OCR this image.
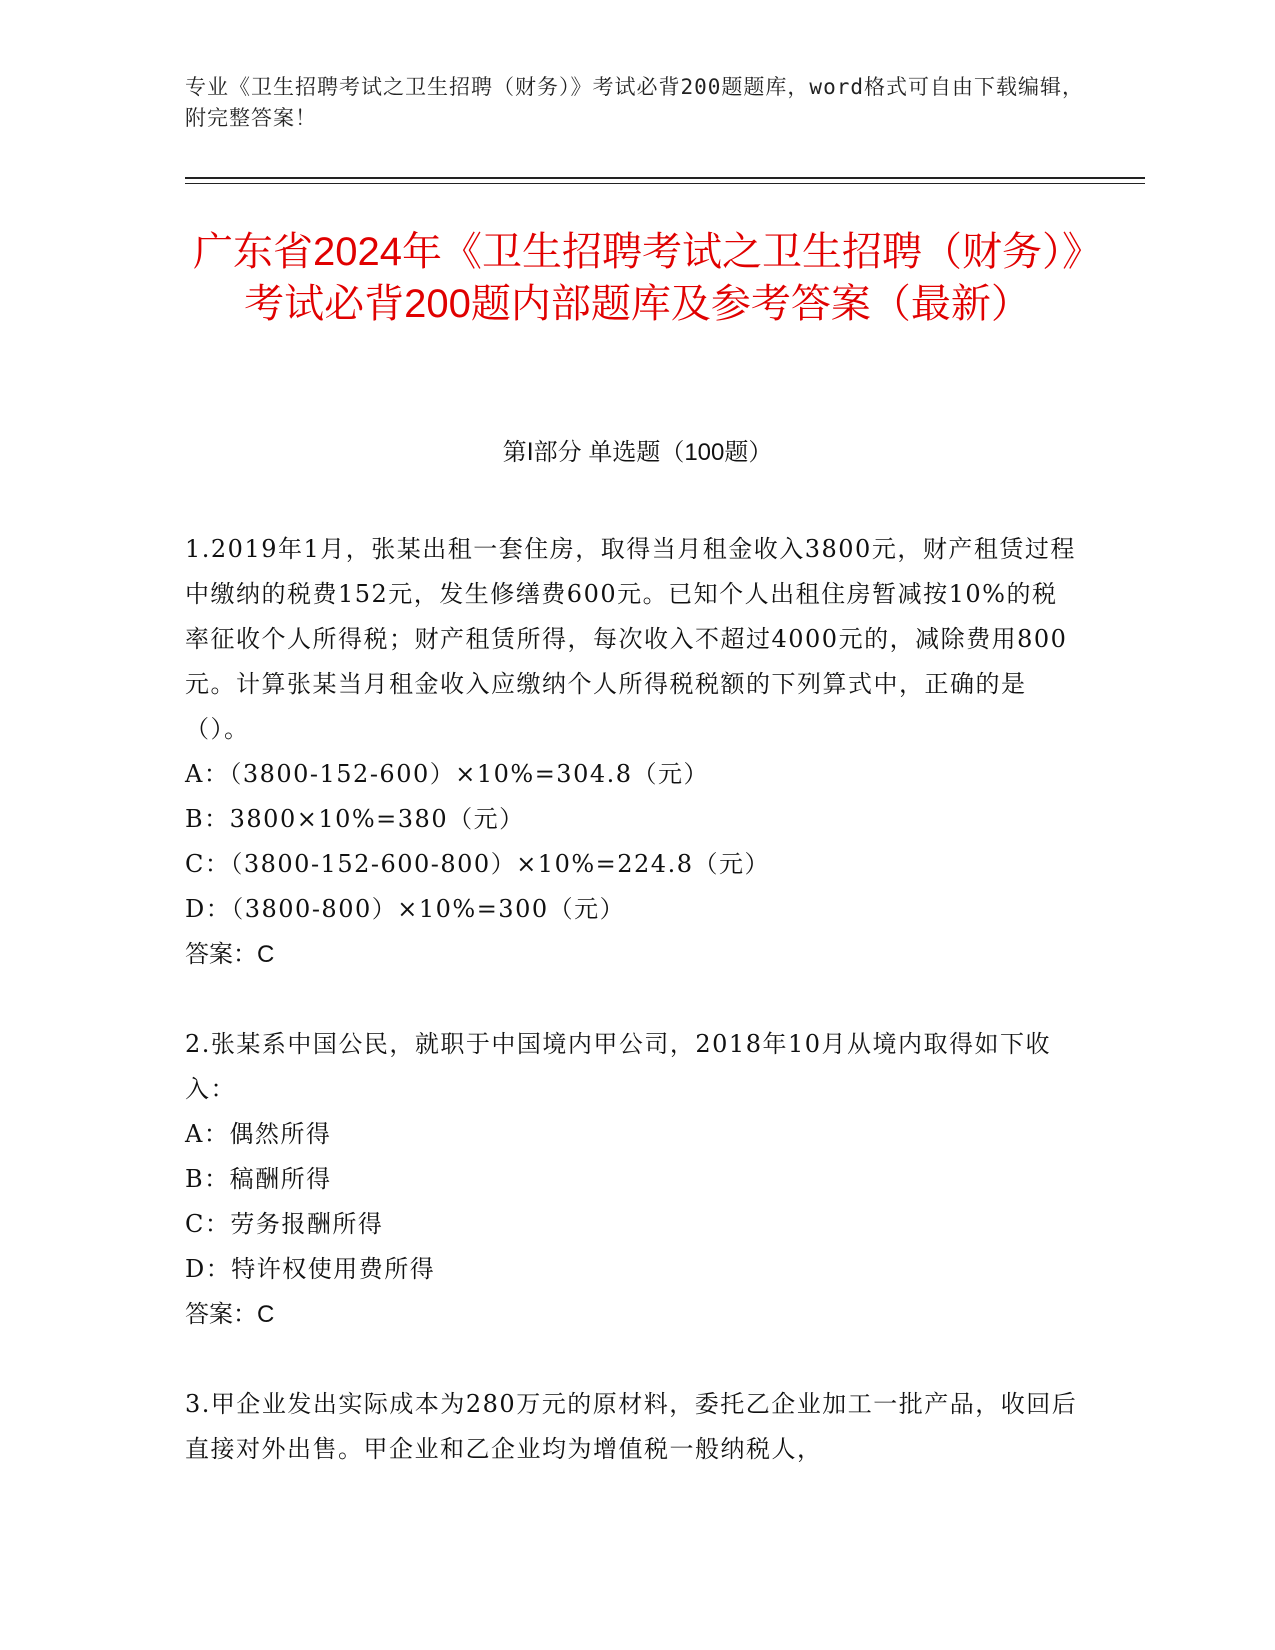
专业《卫生招聘考试之卫生招聘（财务）》考试必背200题题库，word格式可自由下载编辑，附完整答案！
广东省2024年《卫生招聘考试之卫生招聘（财务）》考试必背200题内部题库及参考答案（最新）
第Ⅰ部分 单选题（100题）

1.2019年1月，张某出租一套住房，取得当月租金收入3800元，财产租赁过程中缴纳的税费152元，发生修缮费600元。已知个人出租住房暂减按10%的税率征收个人所得税；财产租赁所得，每次收入不超过4000元的，减除费用800元。计算张某当月租金收入应缴纳个人所得税税额的下列算式中，正确的是（）。

A：（3800-152-600）×10%=304.8（元）

B：3800×10%=380（元）

C：（3800-152-600-800）×10%=224.8（元）

D：（3800-800）×10%=300（元）

答案：C

2.张某系中国公民，就职于中国境内甲公司，2018年10月从境内取得如下收入：

A：偶然所得

B：稿酬所得

C：劳务报酬所得

D：特许权使用费所得

答案：C

3.甲企业发出实际成本为280万元的原材料，委托乙企业加工一批产品，收回后直接对外出售。甲企业和乙企业均为增值税一般纳税人，
